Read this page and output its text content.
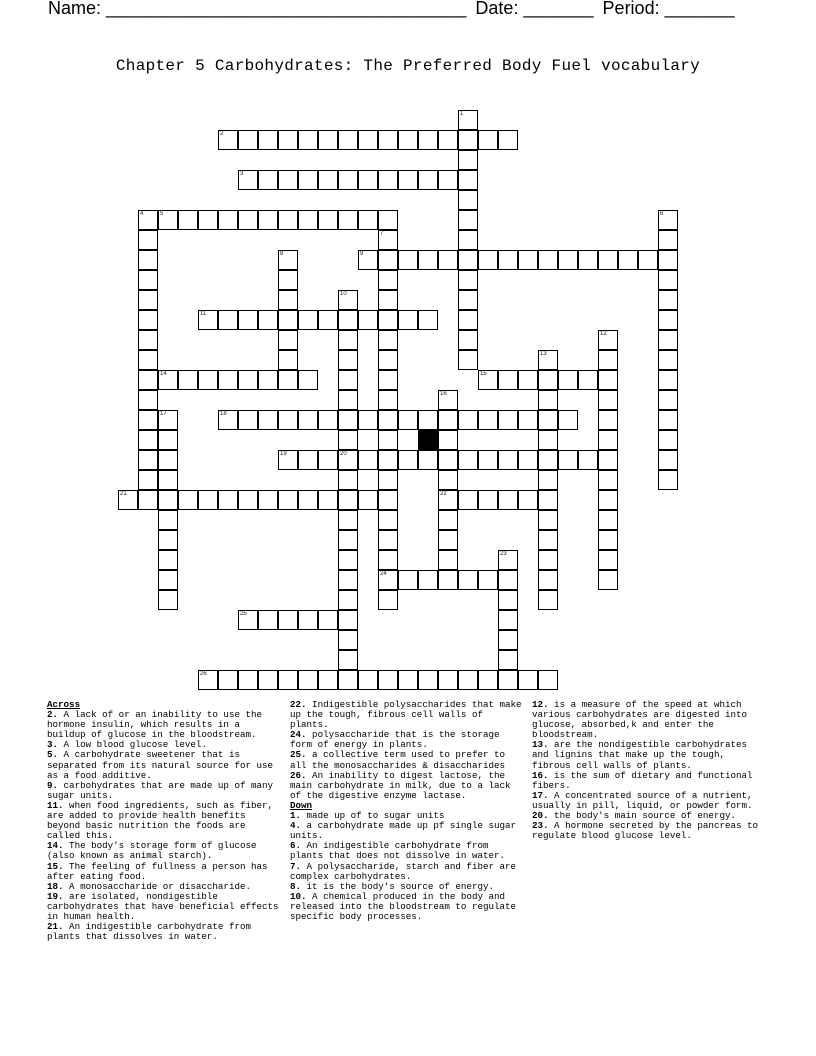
Name: ____________________________________ Date: _______ Period: _______
Chapter 5 Carbohydrates: The Preferred Body Fuel vocabulary
1
2
3
4	5	6
7
24
8	9
10
20
11
12
13
14	15
16
22
17	18
19
21
23
25
26
Across
2. A lack of or an inability to use the hormone insulin, which results in a buildup of glucose in the bloodstream.
3. A low blood glucose level.
5. A carbohydrate sweetener that is separated from its natural source for use as a food additive.
9. carbohydrates that are made up of many sugar units.
11. when food ingredients, such as fiber, are added to provide health benefits beyond basic nutrition the foods are called this.
14. The body's storage form of glucose (also known as animal starch).
15. The feeling of fullness a person has after eating food.
18. A monosaccharide or disaccharide.
19. are isolated, nondigestible carbohydrates that have beneficial effects in human health.
21. An indigestible carbohydrate from plants that dissolves in water.
22. Indigestible polysaccharides that make up the tough, fibrous cell walls of plants.
24. polysaccharide that is the storage form of energy in plants.
25. a collective term used to prefer to all the monosaccharides & disaccharides
26. An inability to digest lactose, the main carbohydrate in milk, due to a lack of the digestive enzyme lactase.
Down
1. made up of to sugar units
4. a carbohydrate made up pf single sugar units.
6. An indigestible carbohydrate from plants that does not dissolve in water.
7. A polysaccharide, starch and fiber are complex carbohydrates.
8. it is the body's source of energy.
10. A chemical produced in the body and released into the bloodstream to regulate specific body processes.
12. is a measure of the speed at which various carbohydrates are digested into glucose, absorbed,k and enter the bloodstream.
13. are the nondigestible carbohydrates and lignins that make up the tough, fibrous cell walls of plants.
16. is the sum of dietary and functional fibers.
17. A concentrated source of a nutrient, usually in pill, liquid, or powder form.
20. the body's main source of energy.
23. A hormone secreted by the pancreas to regulate blood glucose level.
